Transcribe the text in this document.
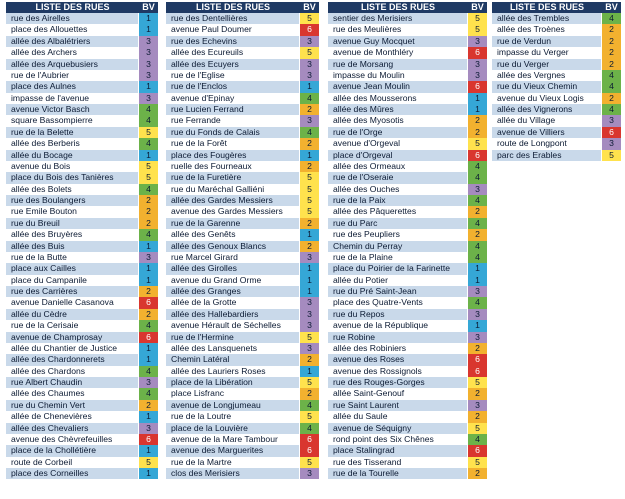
LISTE DES RUES	BV
rue des Airelles	1
place des Allouettes	1
allée des Albalétriers	3
allée des Archers	3
allée des Arquebusiers	3
rue de l'Aubrier	3
place des Aulnes	1
impasse de l'avenue	3
avenue Victor Basch	4
square Bassompierre	4
rue de la Belette	5
allée des Berberis	4
allée du Bocage	1
avenue du Bois	5
place du Bois des Tanières	5
allée des Bolets	4
rue des Boulangers	2
rue Emile Bouton	2
rue du Breuil	2
allée des Bruyères	4
allée des Buis	1
rue de la Butte	3
place aux Cailles	1
place du Campanile	1
rue des Carrières	2
avenue Danielle Casanova	6
allée du Cèdre	2
rue de la Cerisaie	4
avenue de Champrosay	6
allée du Chantier de Justice	1
allée des Chardonnerets	1
allée des Chardons	4
rue Albert Chaudin	3
allée des Chaumes	4
rue du Chemin Vert	2
allée de Chenevières	1
allée des Chevaliers	3
avenue des Chèvrefeuilles	6
place de la Chollétière	1
route de Corbeil	5
place des Corneilles	1
LISTE DES RUES	BV
rue des Dentellières	5
avenue Paul Doumer	6
rue des Echevins	3
allée des Ecureuils	5
allée des Ecuyers	3
rue de l'Eglise	3
rue de l'Enclos	1
avenue d'Epinay	4
rue Lucien Ferrand	2
rue Ferrande	3
rue du Fonds de Calais	4
rue de la Forêt	2
place des Fougères	1
ruelle des Fourneaux	2
rue de la Furetière	5
rue du Maréchal Galliéni	5
allée des Gardes Messiers	5
avenue des Gardes Messiers	5
rue de la Garenne	2
allée des Genêts	1
allée des Genoux Blancs	2
rue Marcel Girard	3
allée des Girolles	1
avenue du Grand Orme	1
allée des Granges	1
allée de la Grotte	3
allée des Hallebardiers	3
avenue Hérault de Séchelles	3
rue de l'Hermine	5
allée des Lansquenets	3
Chemin Latéral	2
allée des Lauriers Roses	1
place de la Libération	5
place Lisfranc	2
avenue de Longjumeau	4
rue de la Loutre	5
place de la Louvière	4
avenue de la Mare Tambour	6
avenue des Marguerites	6
rue de la Martre	5
clos des Merisiers	3
LISTE DES RUES	BV
sentier des Merisiers	5
rue des Meulières	5
avenue Guy Mocquet	3
avenue de Monthléry	6
rue de Morsang	3
impasse du Moulin	3
avenue Jean Moulin	6
allée des Mousserons	1
allée des Mûres	1
allée des Myosotis	2
rue de l'Orge	2
avenue d'Orgeval	5
place d'Orgeval	6
allée des Ormeaux	4
rue de l'Oseraie	4
allée des Ouches	3
rue de la Paix	4
allée des Pâquerettes	2
rue du Parc	4
rue des Peupliers	2
Chemin du Perray	4
rue de la Plaine	4
place du Poirier de la Farinette	1
allée du Potier	1
rue du Pré Saint-Jean	3
place des Quatre-Vents	4
rue du Repos	3
avenue de la République	1
rue Robine	3
allée des Robiniers	2
avenue des Roses	6
avenue des Rossignols	6
rue des Rouges-Gorges	5
allée Saint-Genouf	2
rue Saint Laurent	3
allée du Saule	2
avenue de Séquigny	5
rond point des Six Chênes	4
place Stalingrad	6
rue des Tisserand	5
rue de la Tourelle	2
LISTE DES RUES	BV
allée des Trembles	4
allée des Troènes	2
rue de Verdun	2
impasse du Verger	2
rue du Verger	2
allée des Vergnes	4
rue du Vieux Chemin	4
avenue du Vieux Logis	2
allée des Vignerons	4
allée du Village	3
avenue de Villiers	6
route de Longpont	3
parc des Erables	5
